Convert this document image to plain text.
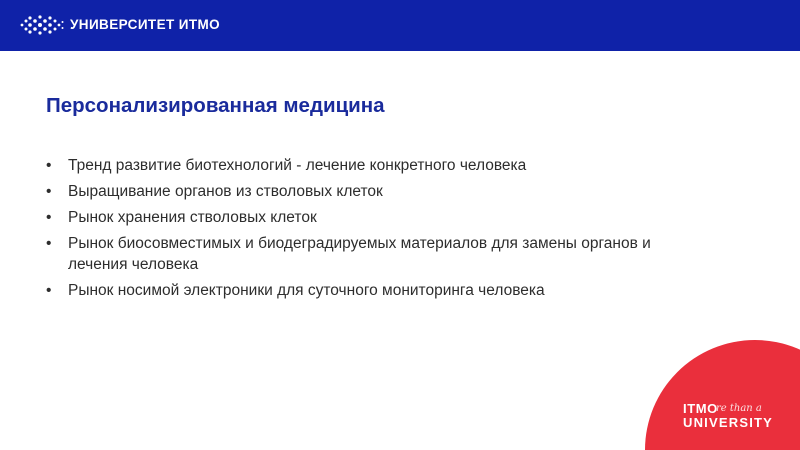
УНИВЕРСИТЕТ ИТМО
Персонализированная медицина
•	Тренд развитие биотехнологий - лечение конкретного человека
•	Выращивание органов из стволовых клеток
•	Рынок хранения стволовых клеток
•	Рынок биосовместимых и биодеградируемых материалов для замены органов и лечения человека
•	Рынок носимой электроники для суточного мониторинга человека
ITMO
re than a
UNIVERSITY
